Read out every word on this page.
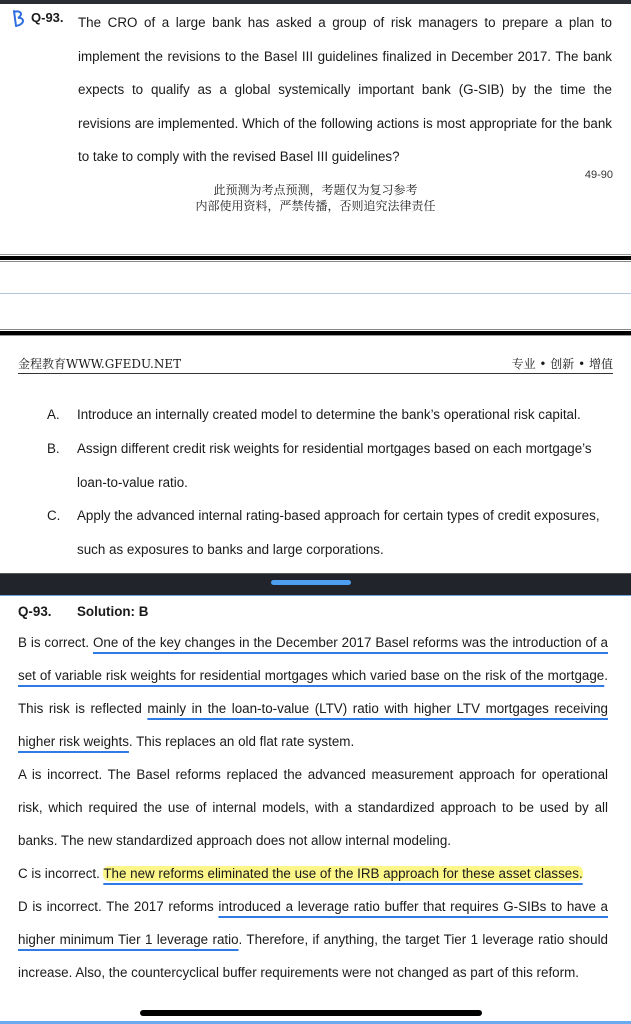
Q-93. The CRO of a large bank has asked a group of risk managers to prepare a plan to implement the revisions to the Basel III guidelines finalized in December 2017. The bank expects to qualify as a global systemically important bank (G-SIB) by the time the revisions are implemented. Which of the following actions is most appropriate for the bank to take to comply with the revised Basel III guidelines?
49-90
此预测为考点预测，考题仅为复习参考
内部使用资料，严禁传播，否则追究法律责任
金程教育WWW.GFEDU.NET	专业 • 创新 • 增值
A. Introduce an internally created model to determine the bank’s operational risk capital.
B. Assign different credit risk weights for residential mortgages based on each mortgage’s loan-to-value ratio.
C. Apply the advanced internal rating-based approach for certain types of credit exposures, such as exposures to banks and large corporations.
Q-93. Solution: B
B is correct. One of the key changes in the December 2017 Basel reforms was the introduction of a set of variable risk weights for residential mortgages which varied base on the risk of the mortgage. This risk is reflected mainly in the loan-to-value (LTV) ratio with higher LTV mortgages receiving higher risk weights. This replaces an old flat rate system.
A is incorrect. The Basel reforms replaced the advanced measurement approach for operational risk, which required the use of internal models, with a standardized approach to be used by all banks. The new standardized approach does not allow internal modeling.
C is incorrect. The new reforms eliminated the use of the IRB approach for these asset classes.
D is incorrect. The 2017 reforms introduced a leverage ratio buffer that requires G-SIBs to have a higher minimum Tier 1 leverage ratio. Therefore, if anything, the target Tier 1 leverage ratio should increase. Also, the countercyclical buffer requirements were not changed as part of this reform.
